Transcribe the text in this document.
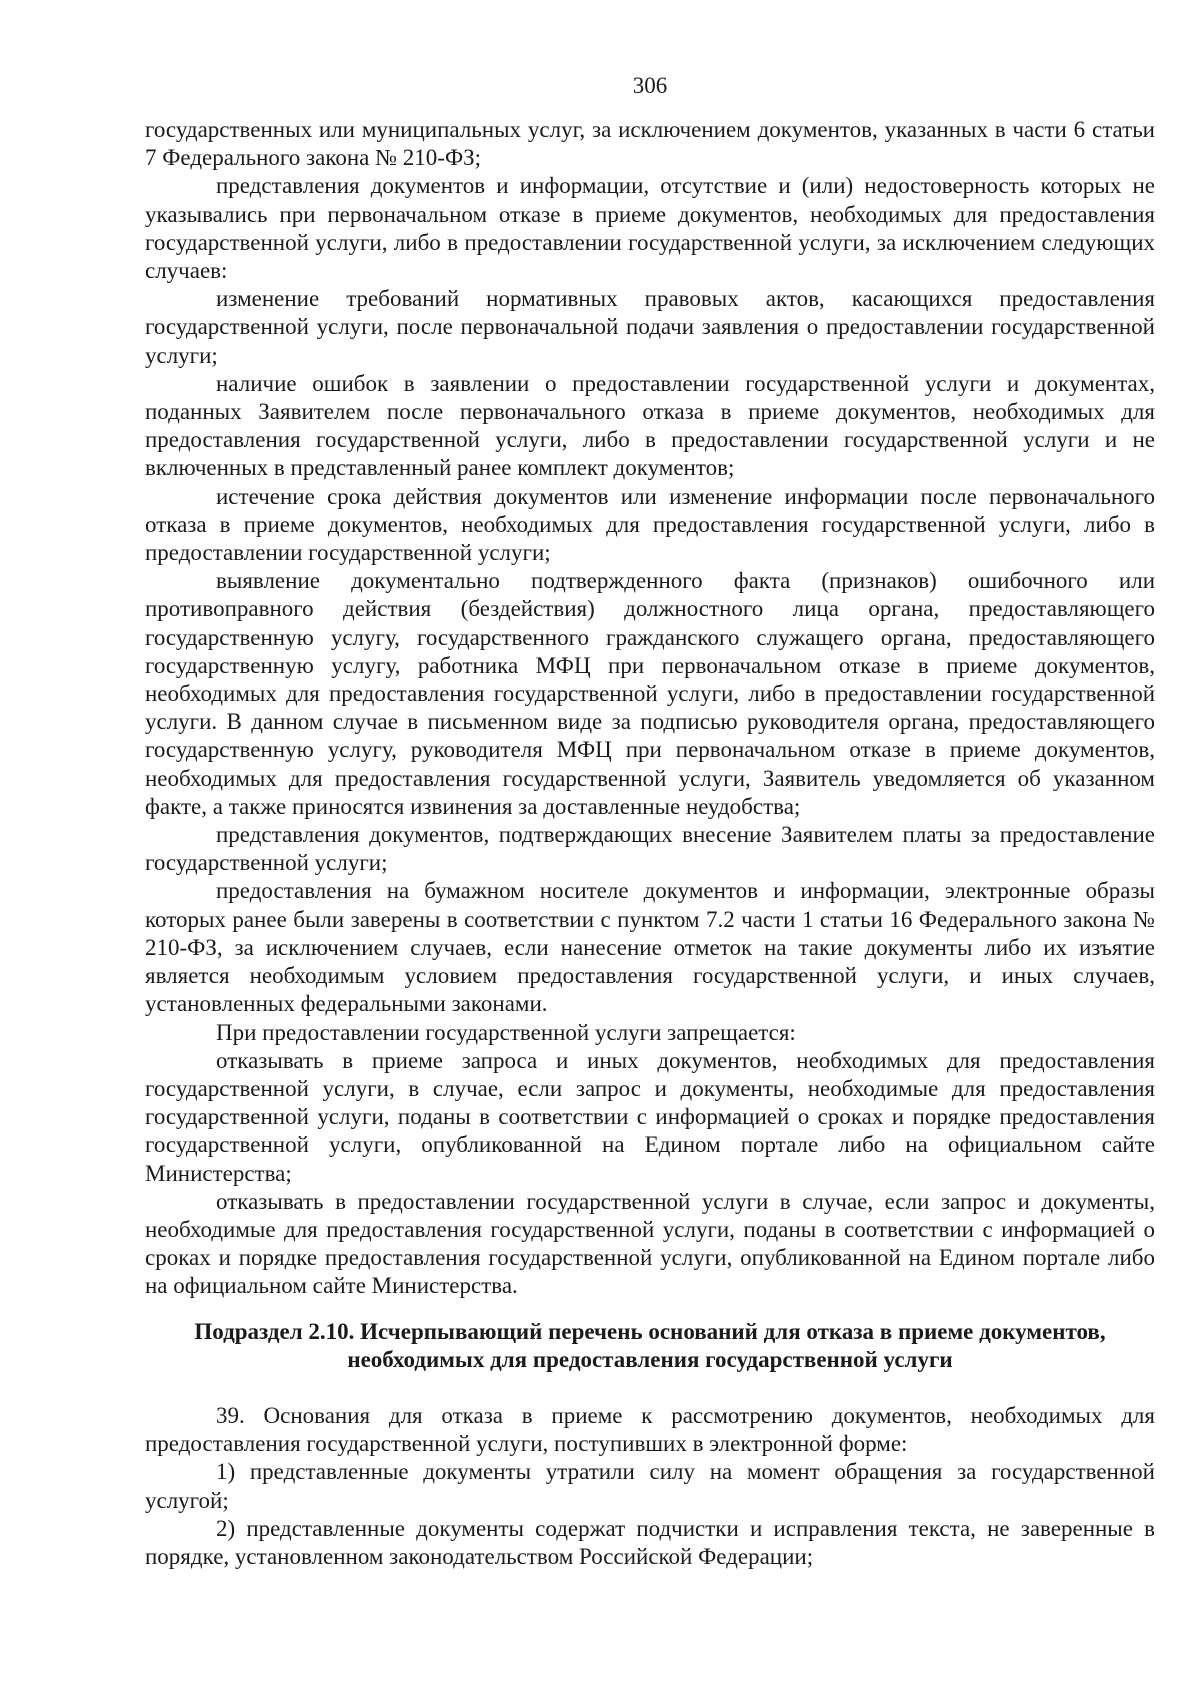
306

государственных или муниципальных услуг, за исключением документов, указанных в части 6 статьи 7 Федерального закона № 210-ФЗ;

представления документов и информации, отсутствие и (или) недостоверность которых не указывались при первоначальном отказе в приеме документов, необходимых для предоставления государственной услуги, либо в предоставлении государственной услуги, за исключением следующих случаев:

изменение требований нормативных правовых актов, касающихся предоставления государственной услуги, после первоначальной подачи заявления о предоставлении государственной услуги;

наличие ошибок в заявлении о предоставлении государственной услуги и документах, поданных Заявителем после первоначального отказа в приеме документов, необходимых для предоставления государственной услуги, либо в предоставлении государственной услуги и не включенных в представленный ранее комплект документов;

истечение срока действия документов или изменение информации после первоначального отказа в приеме документов, необходимых для предоставления государственной услуги, либо в предоставлении государственной услуги;

выявление документально подтвержденного факта (признаков) ошибочного или противоправного действия (бездействия) должностного лица органа, предоставляющего государственную услугу, государственного гражданского служащего органа, предоставляющего государственную услугу, работника МФЦ при первоначальном отказе в приеме документов, необходимых для предоставления государственной услуги, либо в предоставлении государственной услуги. В данном случае в письменном виде за подписью руководителя органа, предоставляющего государственную услугу, руководителя МФЦ при первоначальном отказе в приеме документов, необходимых для предоставления государственной услуги, Заявитель уведомляется об указанном факте, а также приносятся извинения за доставленные неудобства;

представления документов, подтверждающих внесение Заявителем платы за предоставление государственной услуги;

предоставления на бумажном носителе документов и информации, электронные образы которых ранее были заверены в соответствии с пунктом 7.2 части 1 статьи 16 Федерального закона № 210-ФЗ, за исключением случаев, если нанесение отметок на такие документы либо их изъятие является необходимым условием предоставления государственной услуги, и иных случаев, установленных федеральными законами.

При предоставлении государственной услуги запрещается:

отказывать в приеме запроса и иных документов, необходимых для предоставления государственной услуги, в случае, если запрос и документы, необходимые для предоставления государственной услуги, поданы в соответствии с информацией о сроках и порядке предоставления государственной услуги, опубликованной на Едином портале либо на официальном сайте Министерства;

отказывать в предоставлении государственной услуги в случае, если запрос и документы, необходимые для предоставления государственной услуги, поданы в соответствии с информацией о сроках и порядке предоставления государственной услуги, опубликованной на Едином портале либо на официальном сайте Министерства.

Подраздел 2.10. Исчерпывающий перечень оснований для отказа в приеме документов,
необходимых для предоставления государственной услуги

39. Основания для отказа в приеме к рассмотрению документов, необходимых для предоставления государственной услуги, поступивших в электронной форме:

1) представленные документы утратили силу на момент обращения за государственной услугой;

2) представленные документы содержат подчистки и исправления текста, не заверенные в порядке, установленном законодательством Российской Федерации;
